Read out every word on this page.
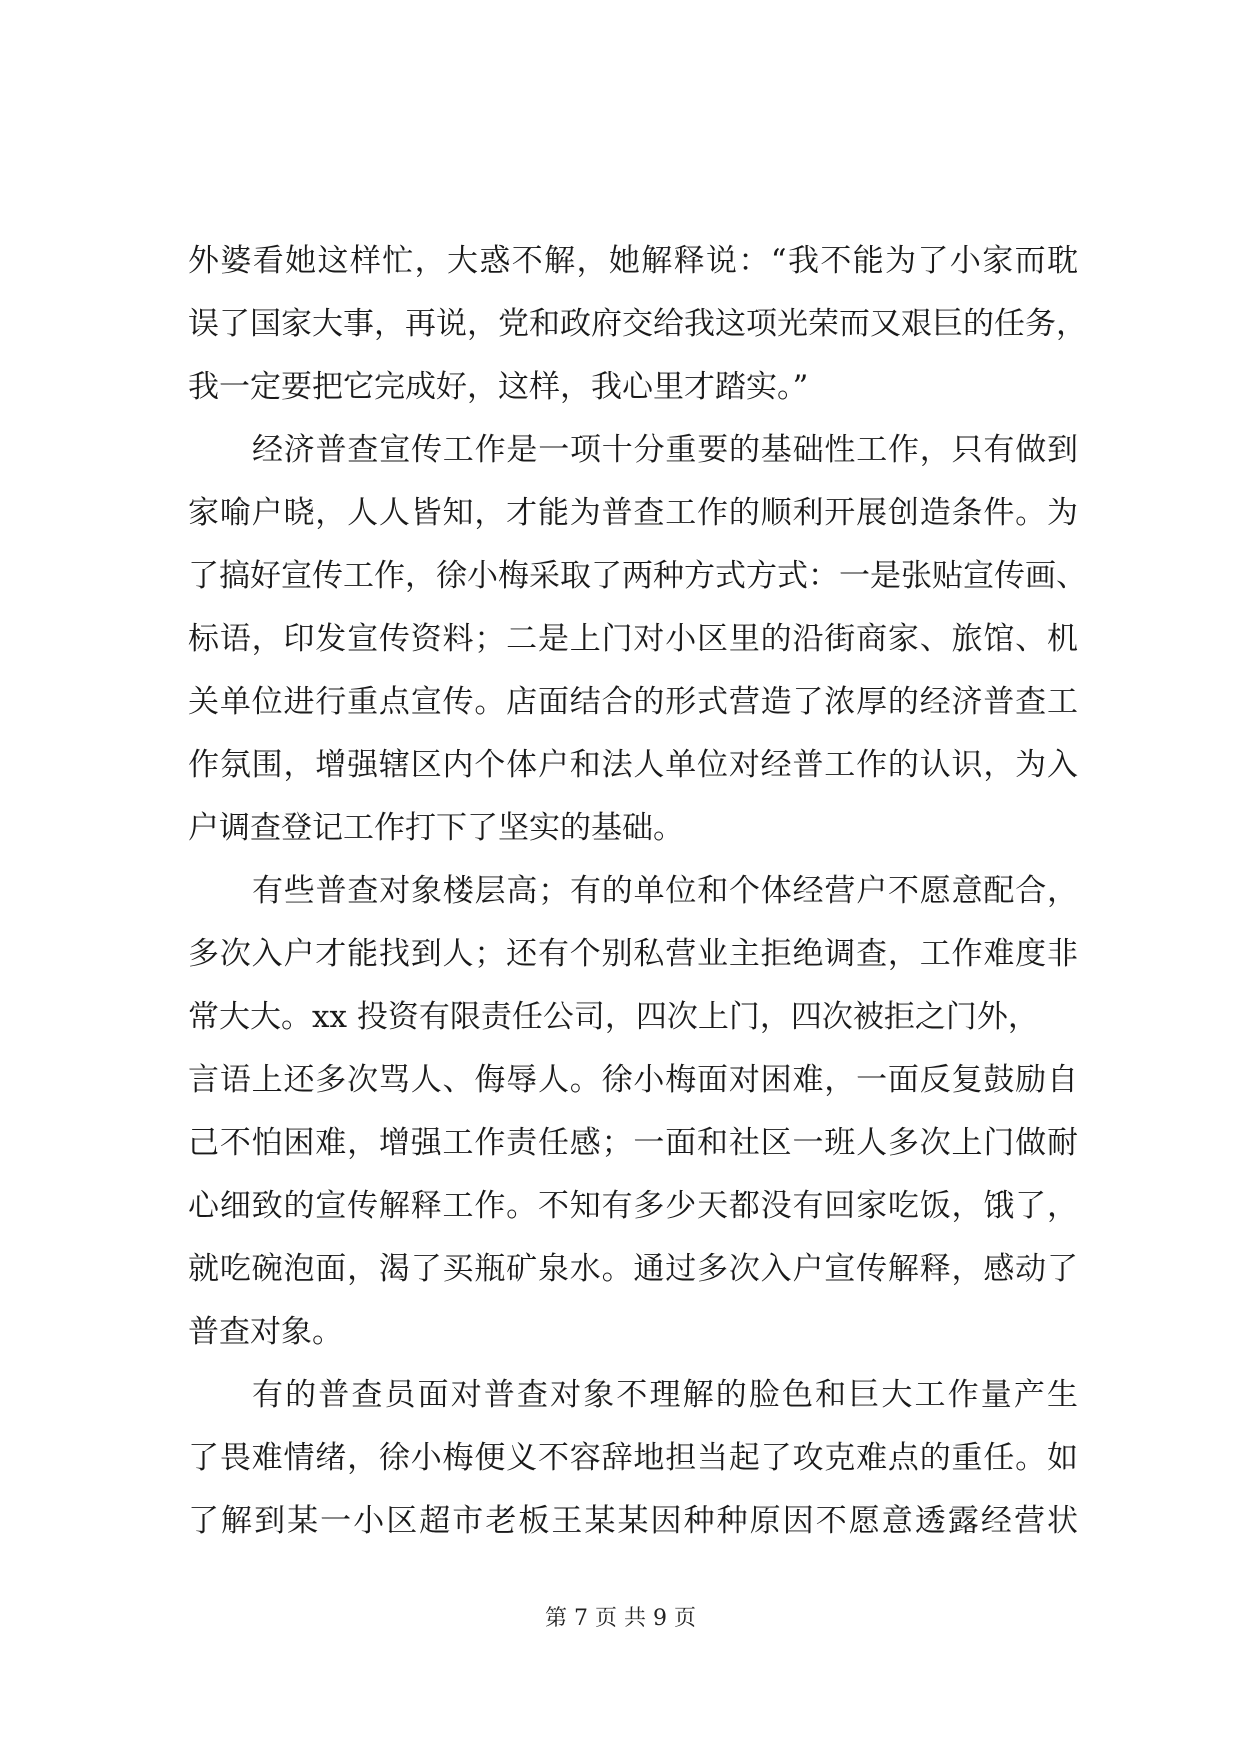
外婆看她这样忙，大惑不解，她解释说：“我不能为了小家而耽
误了国家大事，再说，党和政府交给我这项光荣而又艰巨的任务，
我一定要把它完成好，这样，我心里才踏实。”
经济普查宣传工作是一项十分重要的基础性工作，只有做到
家喻户晓，人人皆知，才能为普查工作的顺利开展创造条件。为
了搞好宣传工作，徐小梅采取了两种方式方式：一是张贴宣传画、
标语，印发宣传资料；二是上门对小区里的沿街商家、旅馆、机
关单位进行重点宣传。店面结合的形式营造了浓厚的经济普查工
作氛围，增强辖区内个体户和法人单位对经普工作的认识，为入
户调查登记工作打下了坚实的基础。
有些普查对象楼层高；有的单位和个体经营户不愿意配合，
多次入户才能找到人；还有个别私营业主拒绝调查，工作难度非
常大大。xx 投资有限责任公司，四次上门，四次被拒之门外，
言语上还多次骂人、侮辱人。徐小梅面对困难，一面反复鼓励自
己不怕困难，增强工作责任感；一面和社区一班人多次上门做耐
心细致的宣传解释工作。不知有多少天都没有回家吃饭，饿了，
就吃碗泡面，渴了买瓶矿泉水。通过多次入户宣传解释，感动了
普查对象。
有的普查员面对普查对象不理解的脸色和巨大工作量产生
了畏难情绪，徐小梅便义不容辞地担当起了攻克难点的重任。如
了解到某一小区超市老板王某某因种种原因不愿意透露经营状
第 7 页 共 9 页
